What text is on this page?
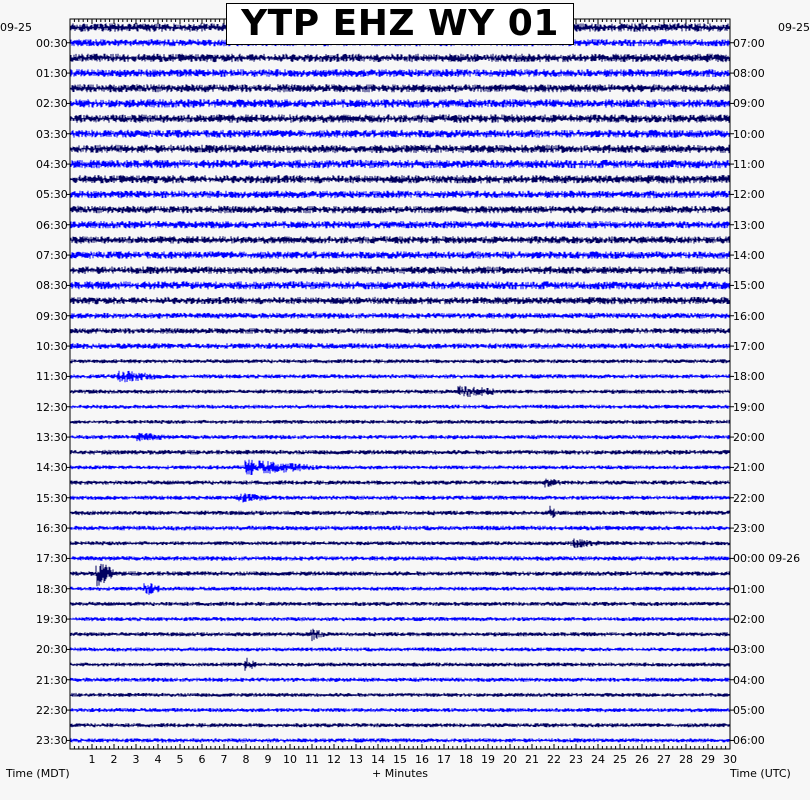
YTP EHZ WY 01
09-25	09-25
00:30
01:30
02:30
03:30
04:30
05:30
06:30
07:30
08:30
09:30
10:30
11:30
12:30
13:30
14:30
15:30
16:30
17:30
18:30
19:30
20:30
21:30
22:30
23:30
07:00
08:00
09:00
10:00
11:00
12:00
13:00
14:00
15:00
16:00
17:00
18:00
19:00
20:00
21:00
22:00
23:00
00:00 09-26
01:00
02:00
03:00
04:00
05:00
06:00
1 2 3 4 5 6 7 8 9 10 11 12 13 14 15 16 17 18 19 20 21 22 23 24 25 26 27 28 29 30
Time (MDT)	+ Minutes	Time (UTC)
